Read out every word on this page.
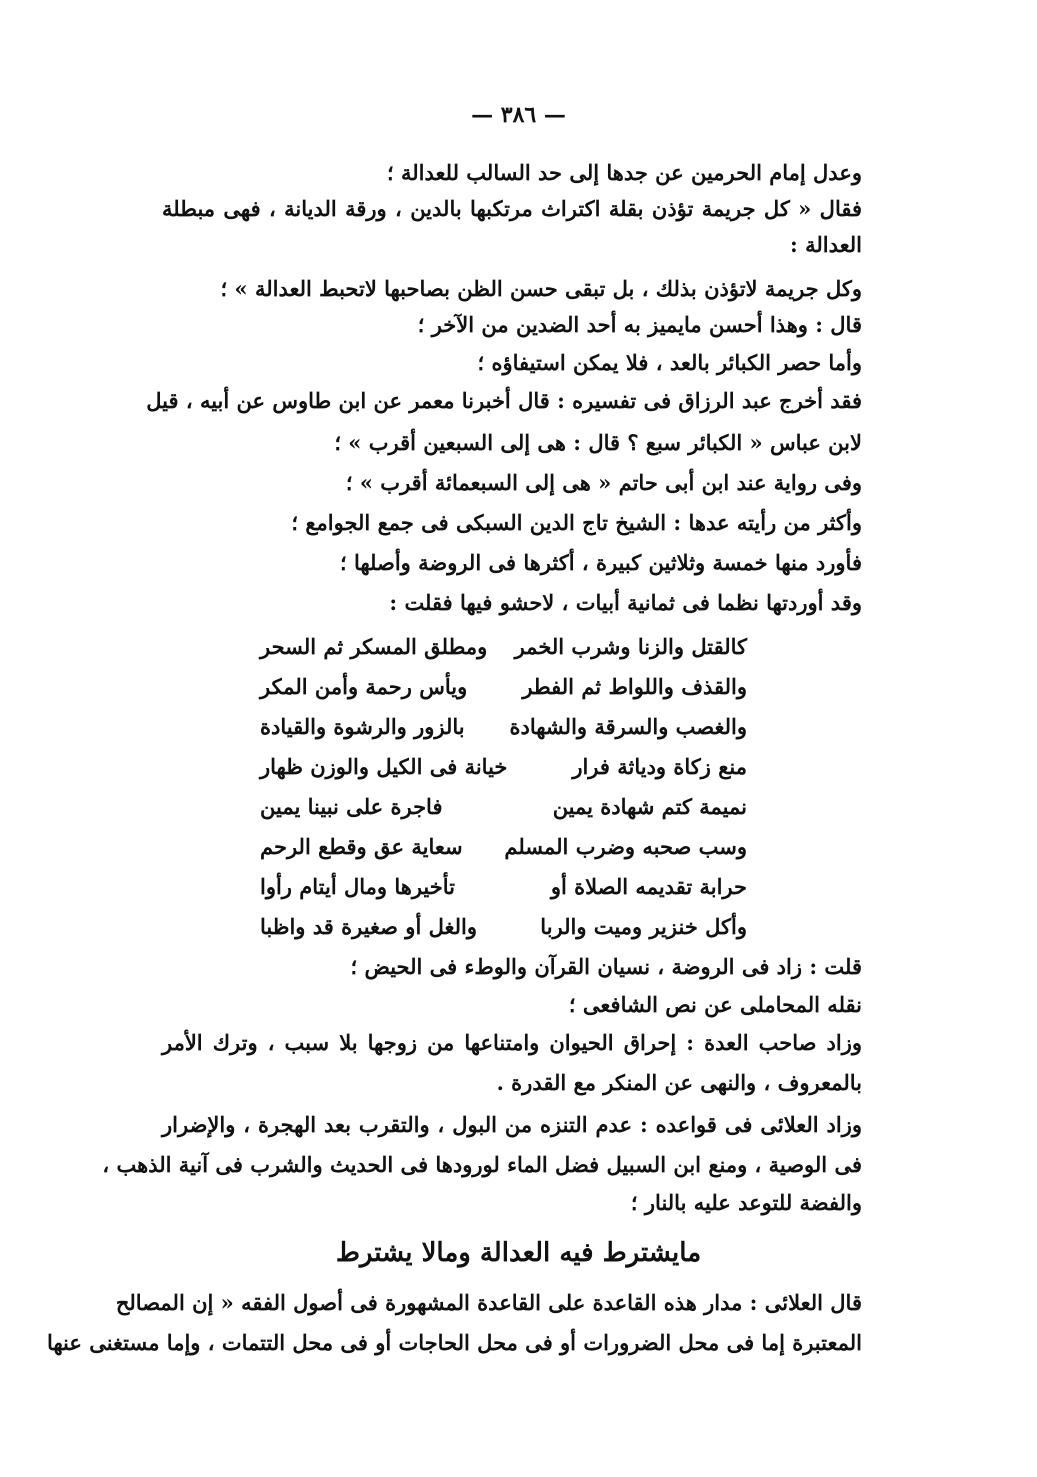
— ٣٨٦ —
وعدل إمام الحرمين عن جدها إلى حد السالب للعدالة ؛
فقال « كل جريمة تؤذن بقلة اكتراث مرتكبها بالدين ، ورقة الديانة ، فهى مبطلة
العدالة :
وكل جريمة لاتؤذن بذلك ، بل تبقى حسن الظن بصاحبها لاتحبط العدالة » ؛
قال : وهذا أحسن مايميز به أحد الضدين من الآخر ؛
وأما حصر الكبائر بالعد ، فلا يمكن استيفاؤه ؛
فقد أخرج عبد الرزاق فى تفسيره : قال أخبرنا معمر عن ابن طاوس عن أبيه ، قيل
لابن عباس « الكبائر سبع ؟ قال : هى إلى السبعين أقرب » ؛
وفى رواية عند ابن أبى حاتم « هى إلى السبعمائة أقرب » ؛
وأكثر من رأيته عدها : الشيخ تاج الدين السبكى فى جمع الجوامع ؛
فأورد منها خمسة وثلاثين كبيرة ، أكثرها فى الروضة وأصلها ؛
وقد أوردتها نظما فى ثمانية أبيات ، لاحشو فيها فقلت :
كالقتل والزنا وشرب الخمر
ومطلق المسكر ثم السحر
والقذف واللواط ثم الفطر
ويأس رحمة وأمن المكر
والغصب والسرقة والشهادة
بالزور والرشوة والقيادة
منع زكاة ودياثة فرار
خيانة فى الكيل والوزن ظهار
نميمة كتم شهادة يمين
فاجرة على نبينا يمين
وسب صحبه وضرب المسلم
سعاية عق وقطع الرحم
حرابة تقديمه الصلاة أو
تأخيرها ومال أيتام رأوا
وأكل خنزير وميت والربا
والغل أو صغيرة قد واظبا
قلت : زاد فى الروضة ، نسيان القرآن والوطء فى الحيض ؛
نقله المحاملى عن نص الشافعى ؛
وزاد صاحب العدة : إحراق الحيوان وامتناعها من زوجها بلا سبب ، وترك الأمر
بالمعروف ، والنهى عن المنكر مع القدرة .
وزاد العلائى فى قواعده : عدم التنزه من البول ، والتقرب بعد الهجرة ، والإضرار
فى الوصية ، ومنع ابن السبيل فضل الماء لورودها فى الحديث والشرب فى آنية الذهب ،
والفضة للتوعد عليه بالنار ؛
مايشترط فيه العدالة ومالا يشترط
قال العلائى : مدار هذه القاعدة على القاعدة المشهورة فى أصول الفقه « إن المصالح
المعتبرة إما فى محل الضرورات أو فى محل الحاجات أو فى محل التتمات ، وإما مستغنى عنها
